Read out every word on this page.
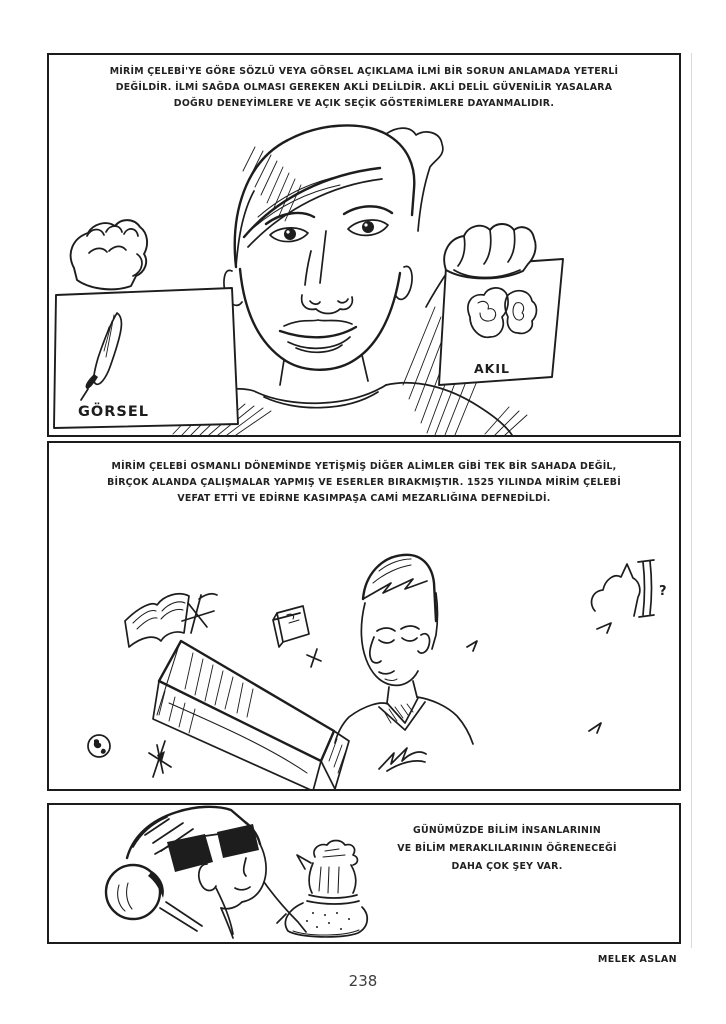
MİRİM ÇELEBİ'YE GÖRE SÖZLÜ VEYA GÖRSEL AÇIKLAMA İLMİ BİR SORUN ANLAMADA YETERLİ
DEĞİLDİR. İLMİ SAĞDA OLMASI GEREKEN AKLİ DELİLDİR. AKLİ DELİL GÜVENİLİR YASALARA
DOĞRU DENEYİMLERE VE AÇIK SEÇİK GÖSTERİMLERE DAYANMALIDIR.
GÖRSEL
AKIL
MİRİM ÇELEBİ OSMANLI DÖNEMİNDE YETİŞMİŞ DİĞER ALİMLER GİBİ TEK BİR SAHADA DEĞİL,
BİRÇOK ALANDA ÇALIŞMALAR YAPMIŞ VE ESERLER BIRAKMIŞTIR. 1525 YILINDA MİRİM ÇELEBİ
VEFAT ETTİ VE EDİRNE KASIMPAŞA CAMİ MEZARLIĞINA DEFNEDİLDİ.
?
GÜNÜMÜZDE BİLİM İNSANLARININ
VE BİLİM MERAKLILARININ ÖĞRENECEĞİ
DAHA ÇOK ŞEY VAR.
MELEK ASLAN
238
